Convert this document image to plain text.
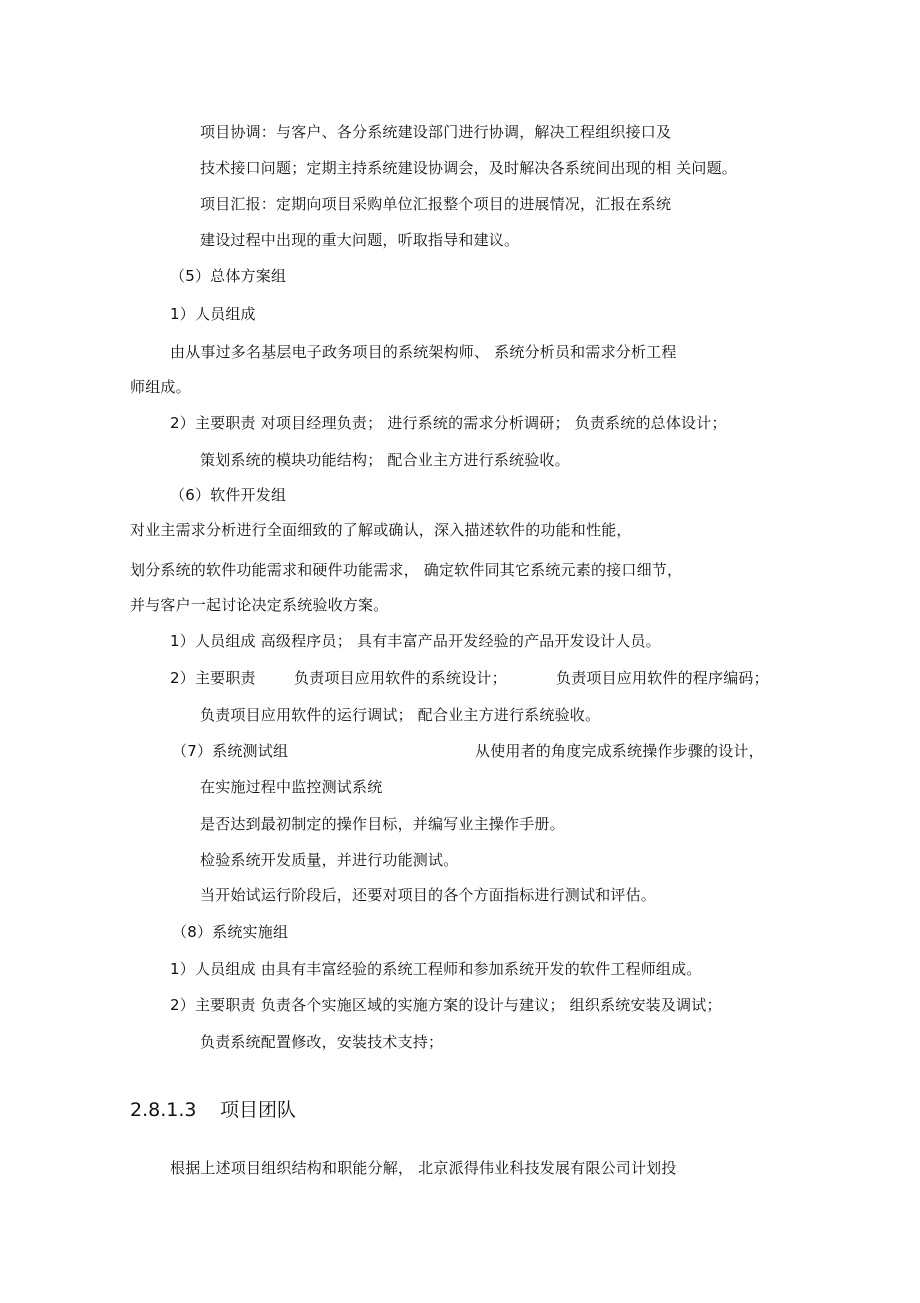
项目协调：与客户、各分系统建设部门进行协调，解决工程组织接口及
技术接口问题；定期主持系统建设协调会，及时解决各系统间出现的相 关问题。
项目汇报：定期向项目采购单位汇报整个项目的进展情况，汇报在系统
建设过程中出现的重大问题，听取指导和建议。
（5）总体方案组
1）人员组成
由从事过多名基层电子政务项目的系统架构师、 系统分析员和需求分析工程
师组成。
2）主要职责 对项目经理负责； 进行系统的需求分析调研； 负责系统的总体设计；
策划系统的模块功能结构； 配合业主方进行系统验收。
（6）软件开发组
对业主需求分析进行全面细致的了解或确认，深入描述软件的功能和性能，
划分系统的软件功能需求和硬件功能需求， 确定软件同其它系统元素的接口细节，
并与客户一起讨论决定系统验收方案。
1）人员组成 高级程序员； 具有丰富产品开发经验的产品开发设计人员。
2）主要职责	负责项目应用软件的系统设计；	负责项目应用软件的程序编码；
负责项目应用软件的运行调试； 配合业主方进行系统验收。
（7）系统测试组	从使用者的角度完成系统操作步骤的设计，
在实施过程中监控测试系统
是否达到最初制定的操作目标，并编写业主操作手册。
检验系统开发质量，并进行功能测试。
当开始试运行阶段后，还要对项目的各个方面指标进行测试和评估。
（8）系统实施组
1）人员组成 由具有丰富经验的系统工程师和参加系统开发的软件工程师组成。
2）主要职责 负责各个实施区域的实施方案的设计与建议； 组织系统安装及调试；
负责系统配置修改，安装技术支持；
2.8.1.3 项目团队
根据上述项目组织结构和职能分解， 北京派得伟业科技发展有限公司计划投
